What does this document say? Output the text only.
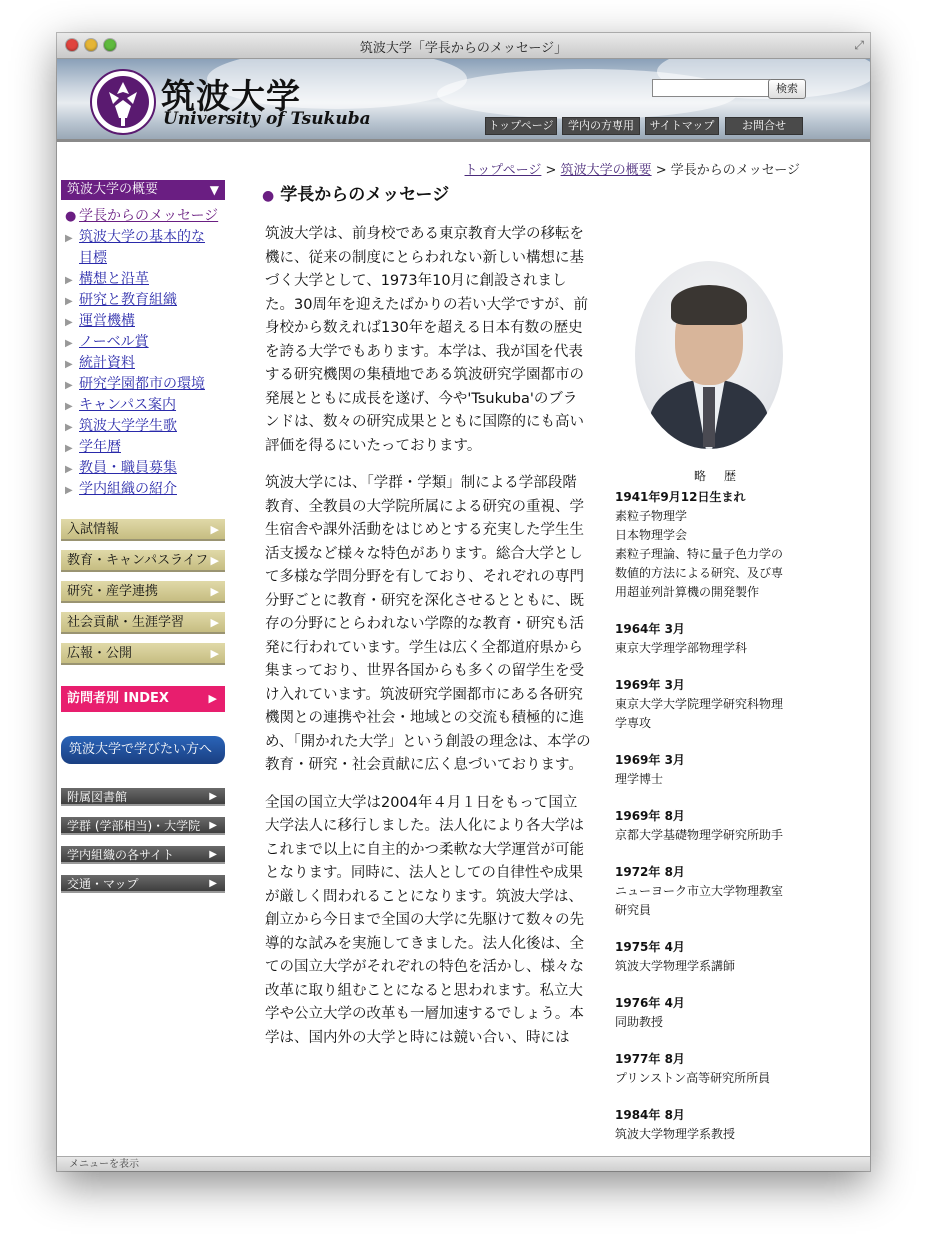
筑波大学「学長からのメッセージ」	⤢
筑波大学
University of Tsukuba
検索
トップページ	学内の方専用	サイトマップ	お問合せ
トップページ > 筑波大学の概要 > 学長からのメッセージ
筑波大学の概要	▼
● 学長からのメッセージ
▶ 筑波大学の基本的な
目標
▶ 構想と沿革
▶ 研究と教育組織
▶ 運営機構
▶ ノーベル賞
▶ 統計資料
▶ 研究学園都市の環境
▶ キャンパス案内
▶ 筑波大学学生歌
▶ 学年暦
▶ 教員・職員募集
▶ 学内組織の紹介
入試情報	▶
教育・キャンパスライフ ▶
研究・産学連携	▶
社会貢献・生涯学習 ▶
広報・公開	▶
訪問者別 INDEX	▶
筑波大学で学びたい方へ
附属図書館	▶
学群 (学部相当)・大学院 ▶
学内組織の各サイト	▶
交通・マップ	▶
● 学長からのメッセージ

筑波大学は、前身校である東京教育大学の移転を機に、従来の制度にとらわれない新しい構想に基づく大学として、1973年10月に創設されました。30周年を迎えたばかりの若い大学ですが、前身校から数えれば130年を超える日本有数の歴史を誇る大学でもあります。本学は、我が国を代表する研究機関の集積地である筑波研究学園都市の発展とともに成長を遂げ、今や'Tsukuba'のブランドは、数々の研究成果とともに国際的にも高い評価を得るにいたっております。

筑波大学には、「学群・学類」制による学部段階教育、全教員の大学院所属による研究の重視、学生宿舎や課外活動をはじめとする充実した学生生活支援など様々な特色があります。総合大学として多様な学問分野を有しており、それぞれの専門分野ごとに教育・研究を深化させるとともに、既存の分野にとらわれない学際的な教育・研究も活発に行われています。学生は広く全都道府県から集まっており、世界各国からも多くの留学生を受け入れています。筑波研究学園都市にある各研究機関との連携や社会・地域との交流も積極的に進め、「開かれた大学」という創設の理念は、本学の教育・研究・社会貢献に広く息づいております。

全国の国立大学は2004年４月１日をもって国立大学法人に移行しました。法人化により各大学はこれまで以上に自主的かつ柔軟な大学運営が可能となります。同時に、法人としての自律性や成果が厳しく問われることになります。筑波大学は、創立から今日まで全国の大学に先駆けて数々の先導的な試みを実施してきました。法人化後は、全ての国立大学がそれぞれの特色を活かし、様々な改革に取り組むことになると思われます。私立大学や公立大学の改革も一層加速するでしょう。本学は、国内外の大学と時には競い合い、時には

略歴
1941年9月12日生まれ
素粒子物理学
日本物理学会
素粒子理論、特に量子色力学の
数値的方法による研究、及び専
用超並列計算機の開発製作
1964年 3月
東京大学理学部物理学科
1969年 3月
東京大学大学院理学研究科物理
学専攻
1969年 3月
理学博士
1969年 8月
京都大学基礎物理学研究所助手
1972年 8月
ニューヨーク市立大学物理教室
研究員
1975年 4月
筑波大学物理学系講師
1976年 4月
同助教授
1977年 8月
プリンストン高等研究所所員
1984年 8月
筑波大学物理学系教授
メニューを表示
